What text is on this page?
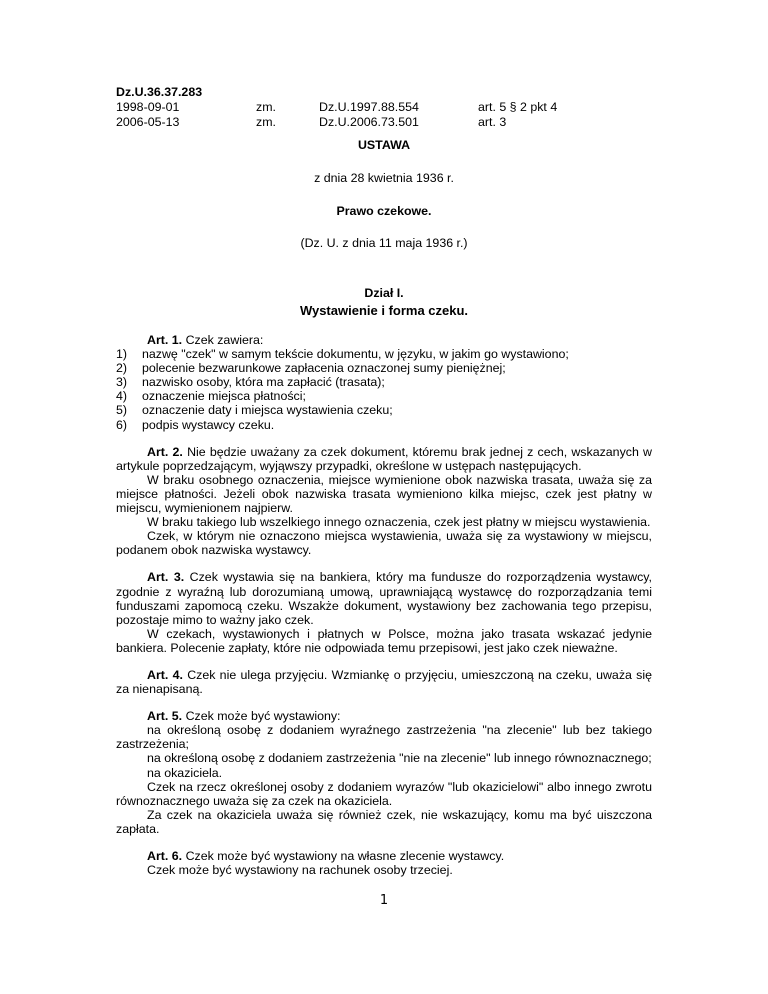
Dz.U.36.37.283
1998-09-01	zm.	Dz.U.1997.88.554	art. 5 § 2 pkt 4
2006-05-13	zm.	Dz.U.2006.73.501	art. 3
USTAWA
z dnia 28 kwietnia 1936 r.
Prawo czekowe.
(Dz. U. z dnia 11 maja 1936 r.)
Dział I.
Wystawienie i forma czeku.
Art. 1. Czek zawiera:
1)	nazwę "czek" w samym tekście dokumentu, w języku, w jakim go wystawiono;
2)	polecenie bezwarunkowe zapłacenia oznaczonej sumy pieniężnej;
3)	nazwisko osoby, która ma zapłacić (trasata);
4)	oznaczenie miejsca płatności;
5)	oznaczenie daty i miejsca wystawienia czeku;
6)	podpis wystawcy czeku.
Art. 2. Nie będzie uważany za czek dokument, któremu brak jednej z cech, wskazanych w artykule poprzedzającym, wyjąwszy przypadki, określone w ustępach następujących.
W braku osobnego oznaczenia, miejsce wymienione obok nazwiska trasata, uważa się za miejsce płatności. Jeżeli obok nazwiska trasata wymieniono kilka miejsc, czek jest płatny w miejscu, wymienionem najpierw.
W braku takiego lub wszelkiego innego oznaczenia, czek jest płatny w miejscu wystawienia.
Czek, w którym nie oznaczono miejsca wystawienia, uważa się za wystawiony w miejscu, podanem obok nazwiska wystawcy.
Art. 3. Czek wystawia się na bankiera, który ma fundusze do rozporządzenia wystawcy, zgodnie z wyraźną lub dorozumianą umową, uprawniającą wystawcę do rozporządzania temi funduszami zapomocą czeku. Wszakże dokument, wystawiony bez zachowania tego przepisu, pozostaje mimo to ważny jako czek.
W czekach, wystawionych i płatnych w Polsce, można jako trasata wskazać jedynie bankiera. Polecenie zapłaty, które nie odpowiada temu przepisowi, jest jako czek nieważne.
Art. 4. Czek nie ulega przyjęciu. Wzmiankę o przyjęciu, umieszczoną na czeku, uważa się za nienapisaną.
Art. 5. Czek może być wystawiony:
na określoną osobę z dodaniem wyraźnego zastrzeżenia "na zlecenie" lub bez takiego zastrzeżenia;
na określoną osobę z dodaniem zastrzeżenia "nie na zlecenie" lub innego równoznacznego;
na okaziciela.
Czek na rzecz określonej osoby z dodaniem wyrazów "lub okazicielowi" albo innego zwrotu równoznacznego uważa się za czek na okaziciela.
Za czek na okaziciela uważa się również czek, nie wskazujący, komu ma być uiszczona zapłata.
Art. 6. Czek może być wystawiony na własne zlecenie wystawcy.
Czek może być wystawiony na rachunek osoby trzeciej.
1
